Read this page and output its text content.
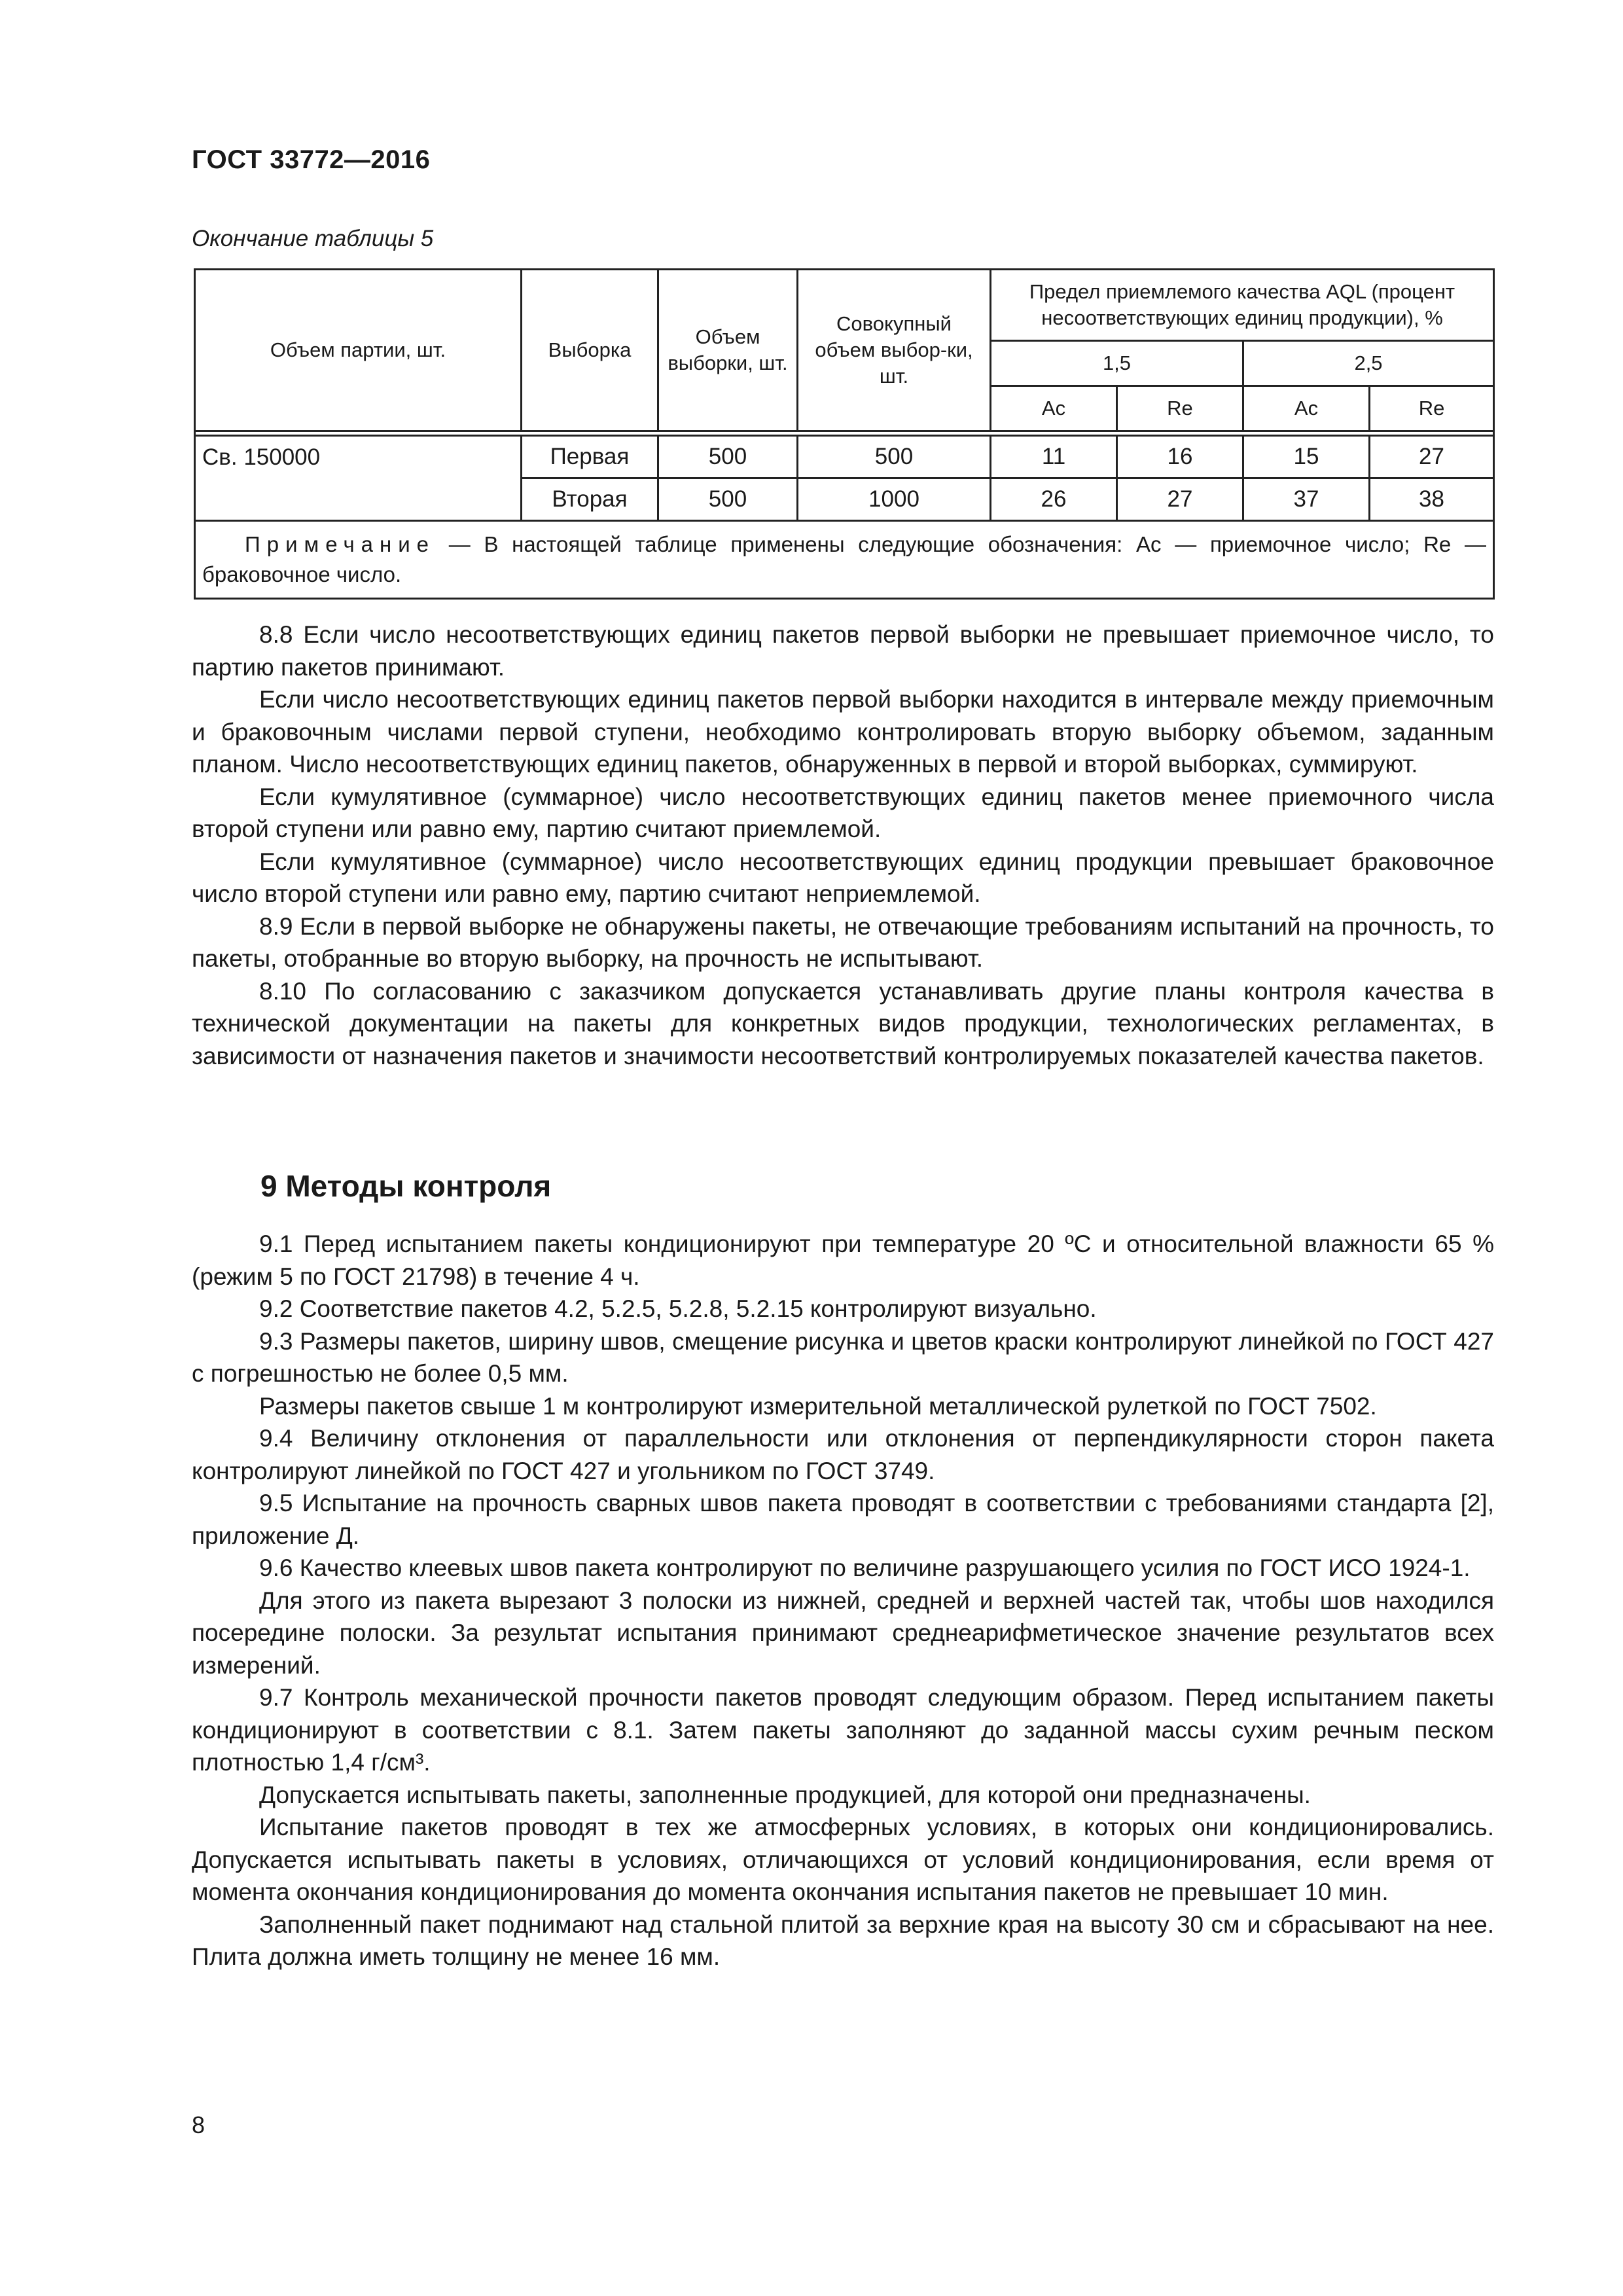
ГОСТ 33772—2016
Окончание таблицы 5
Объем партии, шт.	Выборка	Объем выборки, шт.	Совокупный объем выбор-ки, шт.	Предел приемлемого качества AQL (процент несоответствующих единиц продукции), %			
				1,5		2,5	
				Ac	Re	Ac	Re

Св. 150000	Первая	500	500	11	16	15	27
	Вторая	500	1000	26	27	37	38
Примечание — В настоящей таблице применены следующие обозначения: Ac — приемочное число; Re — браковочное число.							

8.8 Если число несоответствующих единиц пакетов первой выборки не превышает приемочное число, то партию пакетов принимают.

Если число несоответствующих единиц пакетов первой выборки находится в интервале между приемочным и браковочным числами первой ступени, необходимо контролировать вторую выборку объемом, заданным планом. Число несоответствующих единиц пакетов, обнаруженных в первой и второй выборках, суммируют.

Если кумулятивное (суммарное) число несоответствующих единиц пакетов менее приемочного числа второй ступени или равно ему, партию считают приемлемой.

Если кумулятивное (суммарное) число несоответствующих единиц продукции превышает браковочное число второй ступени или равно ему, партию считают неприемлемой.

8.9 Если в первой выборке не обнаружены пакеты, не отвечающие требованиям испытаний на прочность, то пакеты, отобранные во вторую выборку, на прочность не испытывают.

8.10 По согласованию с заказчиком допускается устанавливать другие планы контроля качества в технической документации на пакеты для конкретных видов продукции, технологических регламентах, в зависимости от назначения пакетов и значимости несоответствий контролируемых показателей качества пакетов.

9 Методы контроля

9.1 Перед испытанием пакеты кондиционируют при температуре 20 ºС и относительной влажности 65 % (режим 5 по ГОСТ 21798) в течение 4 ч.

9.2 Соответствие пакетов 4.2, 5.2.5, 5.2.8, 5.2.15 контролируют визуально.

9.3 Размеры пакетов, ширину швов, смещение рисунка и цветов краски контролируют линейкой по ГОСТ 427 с погрешностью не более 0,5 мм.

Размеры пакетов свыше 1 м контролируют измерительной металлической рулеткой по ГОСТ 7502.

9.4 Величину отклонения от параллельности или отклонения от перпендикулярности сторон пакета контролируют линейкой по ГОСТ 427 и угольником по ГОСТ 3749.

9.5 Испытание на прочность сварных швов пакета проводят в соответствии с требованиями стандарта [2], приложение Д.

9.6 Качество клеевых швов пакета контролируют по величине разрушающего усилия по ГОСТ ИСО 1924-1.

Для этого из пакета вырезают 3 полоски из нижней, средней и верхней частей так, чтобы шов находился посередине полоски. За результат испытания принимают среднеарифметическое значение результатов всех измерений.

9.7 Контроль механической прочности пакетов проводят следующим образом. Перед испытанием пакеты кондиционируют в соответствии с 8.1. Затем пакеты заполняют до заданной массы сухим речным песком плотностью 1,4 г/см³.

Допускается испытывать пакеты, заполненные продукцией, для которой они предназначены.

Испытание пакетов проводят в тех же атмосферных условиях, в которых они кондиционировались. Допускается испытывать пакеты в условиях, отличающихся от условий кондиционирования, если время от момента окончания кондиционирования до момента окончания испытания пакетов не превышает 10 мин.

Заполненный пакет поднимают над стальной плитой за верхние края на высоту 30 см и сбрасывают на нее. Плита должна иметь толщину не менее 16 мм.

8
